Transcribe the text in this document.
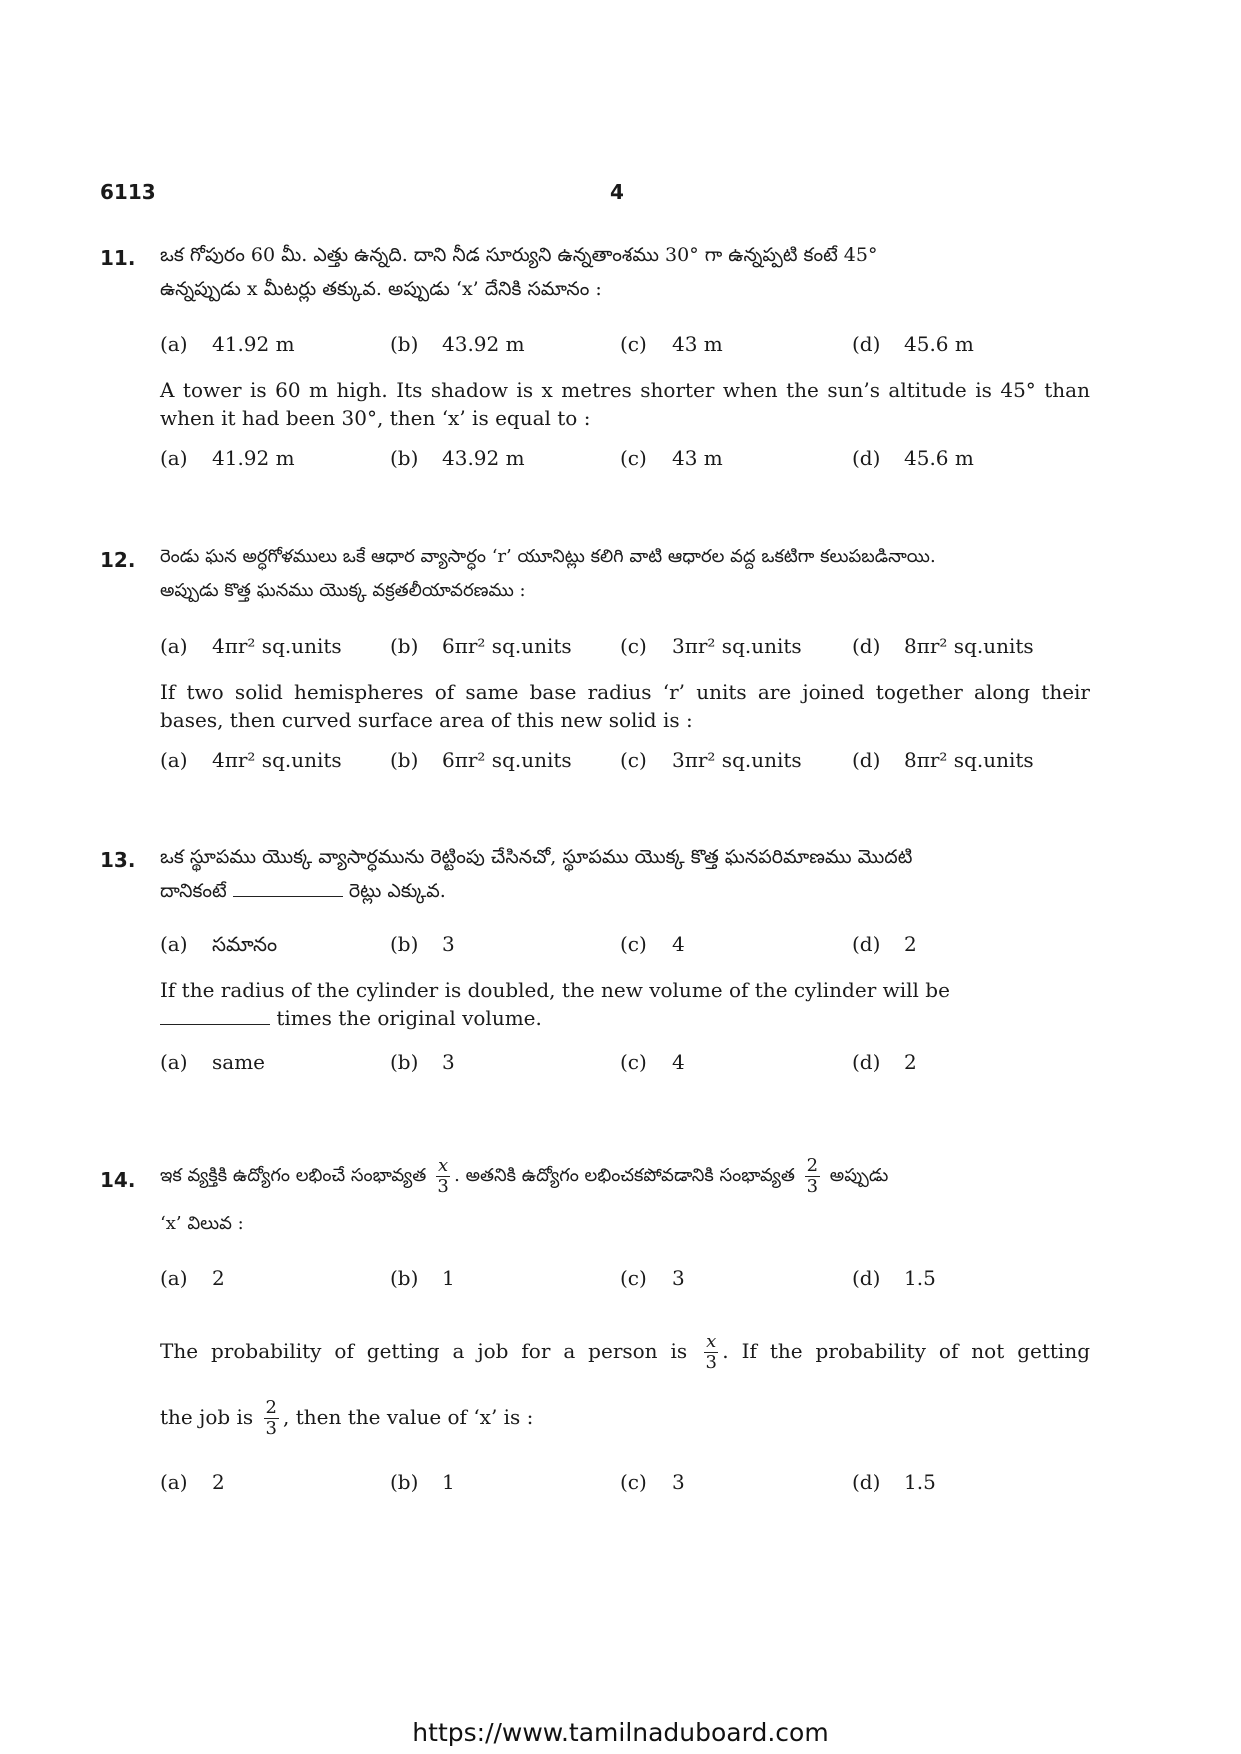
6113	4
11. ఒక గోపురం 60 మీ. ఎత్తు ఉన్నది. దాని నీడ సూర్యుని ఉన్నతాంశము 30° గా ఉన్నప్పటి కంటే 45°
ఉన్నప్పుడు x మీటర్లు తక్కువ. అప్పుడు ‘x’ దేనికి సమానం :
(a) 41.92 m	(b) 43.92 m	(c) 43 m	(d) 45.6 m
A tower is 60 m high. Its shadow is x metres shorter when the sun’s altitude is 45° than when it had been 30°, then ‘x’ is equal to :
(a) 41.92 m	(b) 43.92 m	(c) 43 m	(d) 45.6 m
12. రెండు ఘన అర్ధగోళములు ఒకే ఆధార వ్యాసార్ధం ‘r’ యూనిట్లు కలిగి వాటి ఆధారల వద్ద ఒకటిగా కలుపబడినాయి.
అప్పుడు కొత్త ఘనము యొక్క వక్రతలీయావరణము :
(a) 4πr² sq.units (b) 6πr² sq.units (c) 3πr² sq.units	(d) 8πr² sq.units
If two solid hemispheres of same base radius ‘r’ units are joined together along their bases, then curved surface area of this new solid is :
(a) 4πr² sq.units (b) 6πr² sq.units (c) 3πr² sq.units	(d) 8πr² sq.units
13. ఒక స్థూపము యొక్క వ్యాసార్ధమును రెట్టింపు చేసినచో, స్థూపము యొక్క కొత్త ఘనపరిమాణము మొదటి
దానికంటే	రెట్లు ఎక్కువ.
(a) సమానం	(b) 3	(c) 4	(d) 2
If the radius of the cylinder is doubled, the new volume of the cylinder will be
times the original volume.
(a) same	(b) 3	(c) 4	(d) 2
14. ఇక వ్యక్తికి ఉద్యోగం లభించే సంభావ్యత $\frac{x}{3}$ . అతనికి ఉద్యోగం లభించకపోవడానికి సంభావ్యత $\frac{2}{3}$ అప్పుడు
‘x’ విలువ :
(a) 2	(b) 1	(c) 3	(d) 1.5
The probability of getting a job for a person is $\frac{x}{3}$ . If the probability of not getting
the job is $\frac{2}{3}$ , then the value of ‘x’ is :
(a) 2	(b) 1	(c) 3	(d) 1.5
https://www.tamilnaduboard.com
